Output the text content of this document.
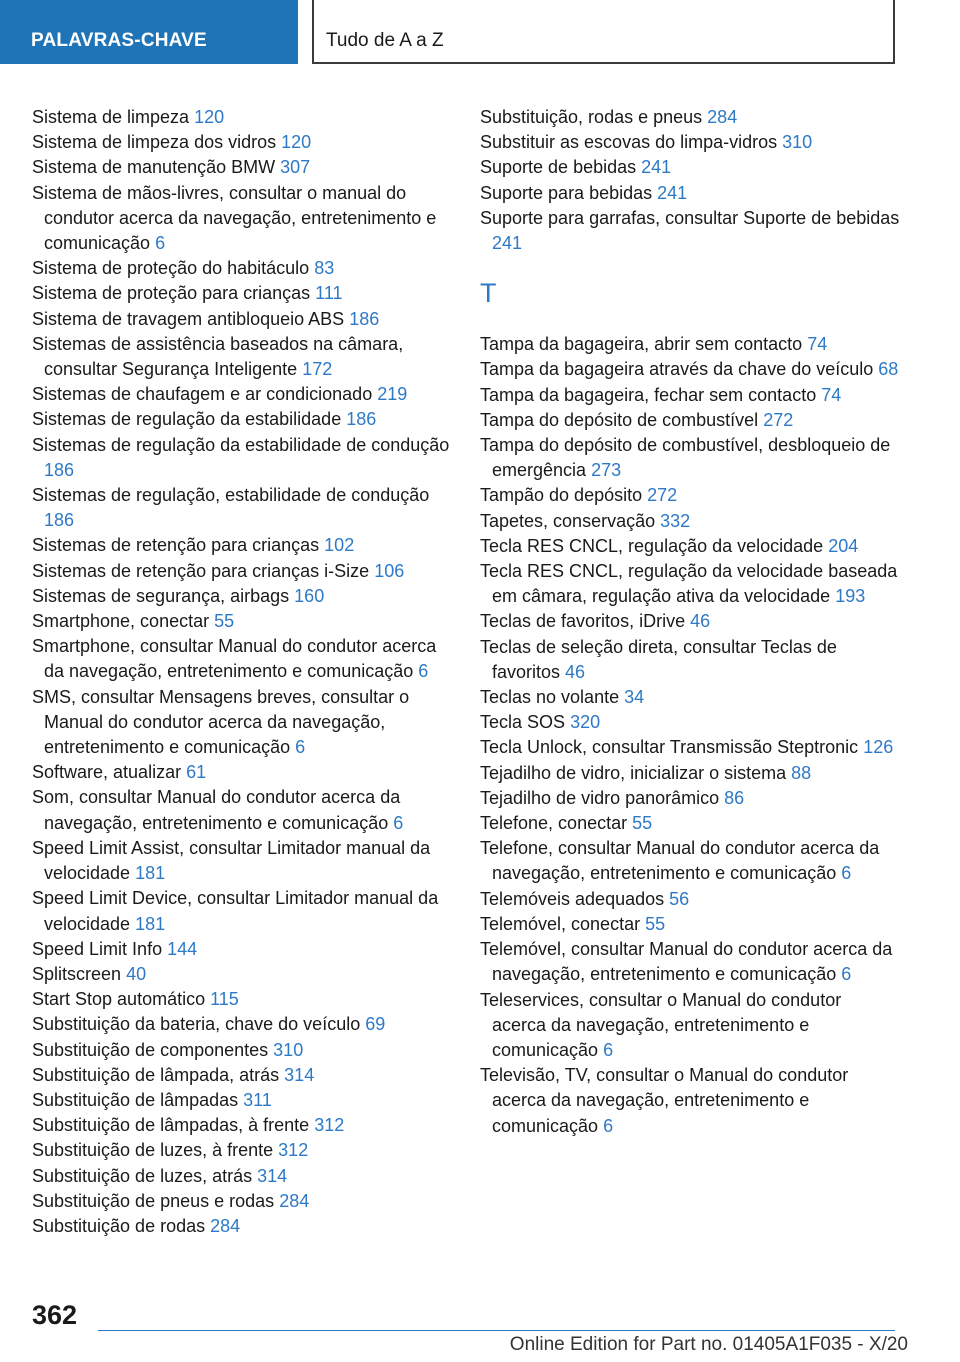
PALAVRAS-CHAVE	Tudo de A a Z
Sistema de limpeza 120
Sistema de limpeza dos vidros 120
Sistema de manutenção BMW 307
Sistema de mãos-livres, consultar o manual do condutor acerca da navegação, entretenimento e comunicação 6
Sistema de proteção do habitáculo 83
Sistema de proteção para crianças 111
Sistema de travagem antibloqueio ABS 186
Sistemas de assistência baseados na câmara, consultar Segurança Inteligente 172
Sistemas de chaufagem e ar condicionado 219
Sistemas de regulação da estabilidade 186
Sistemas de regulação da estabilidade de condução 186
Sistemas de regulação, estabilidade de condução 186
Sistemas de retenção para crianças 102
Sistemas de retenção para crianças i-Size 106
Sistemas de segurança, airbags 160
Smartphone, conectar 55
Smartphone, consultar Manual do condutor acerca da navegação, entretenimento e comunicação 6
SMS, consultar Mensagens breves, consultar o Manual do condutor acerca da navegação, entretenimento e comunicação 6
Software, atualizar 61
Som, consultar Manual do condutor acerca da navegação, entretenimento e comunicação 6
Speed Limit Assist, consultar Limitador manual da velocidade 181
Speed Limit Device, consultar Limitador manual da velocidade 181
Speed Limit Info 144
Splitscreen 40
Start Stop automático 115
Substituição da bateria, chave do veículo 69
Substituição de componentes 310
Substituição de lâmpada, atrás 314
Substituição de lâmpadas 311
Substituição de lâmpadas, à frente 312
Substituição de luzes, à frente 312
Substituição de luzes, atrás 314
Substituição de pneus e rodas 284
Substituição de rodas 284
Substituição, rodas e pneus 284
Substituir as escovas do limpa-vidros 310
Suporte de bebidas 241
Suporte para bebidas 241
Suporte para garrafas, consultar Suporte de bebidas 241
T
Tampa da bagageira, abrir sem contacto 74
Tampa da bagageira através da chave do veículo 68
Tampa da bagageira, fechar sem contacto 74
Tampa do depósito de combustível 272
Tampa do depósito de combustível, desbloqueio de emergência 273
Tampão do depósito 272
Tapetes, conservação 332
Tecla RES CNCL, regulação da velocidade 204
Tecla RES CNCL, regulação da velocidade baseada em câmara, regulação ativa da velocidade 193
Teclas de favoritos, iDrive 46
Teclas de seleção direta, consultar Teclas de favoritos 46
Teclas no volante 34
Tecla SOS 320
Tecla Unlock, consultar Transmissão Steptronic 126
Tejadilho de vidro, inicializar o sistema 88
Tejadilho de vidro panorâmico 86
Telefone, conectar 55
Telefone, consultar Manual do condutor acerca da navegação, entretenimento e comunicação 6
Telemóveis adequados 56
Telemóvel, conectar 55
Telemóvel, consultar Manual do condutor acerca da navegação, entretenimento e comunicação 6
Teleservices, consultar o Manual do condutor acerca da navegação, entretenimento e comunicação 6
Televisão, TV, consultar o Manual do condutor acerca da navegação, entretenimento e comunicação 6
362
Online Edition for Part no. 01405A1F035 - X/20
